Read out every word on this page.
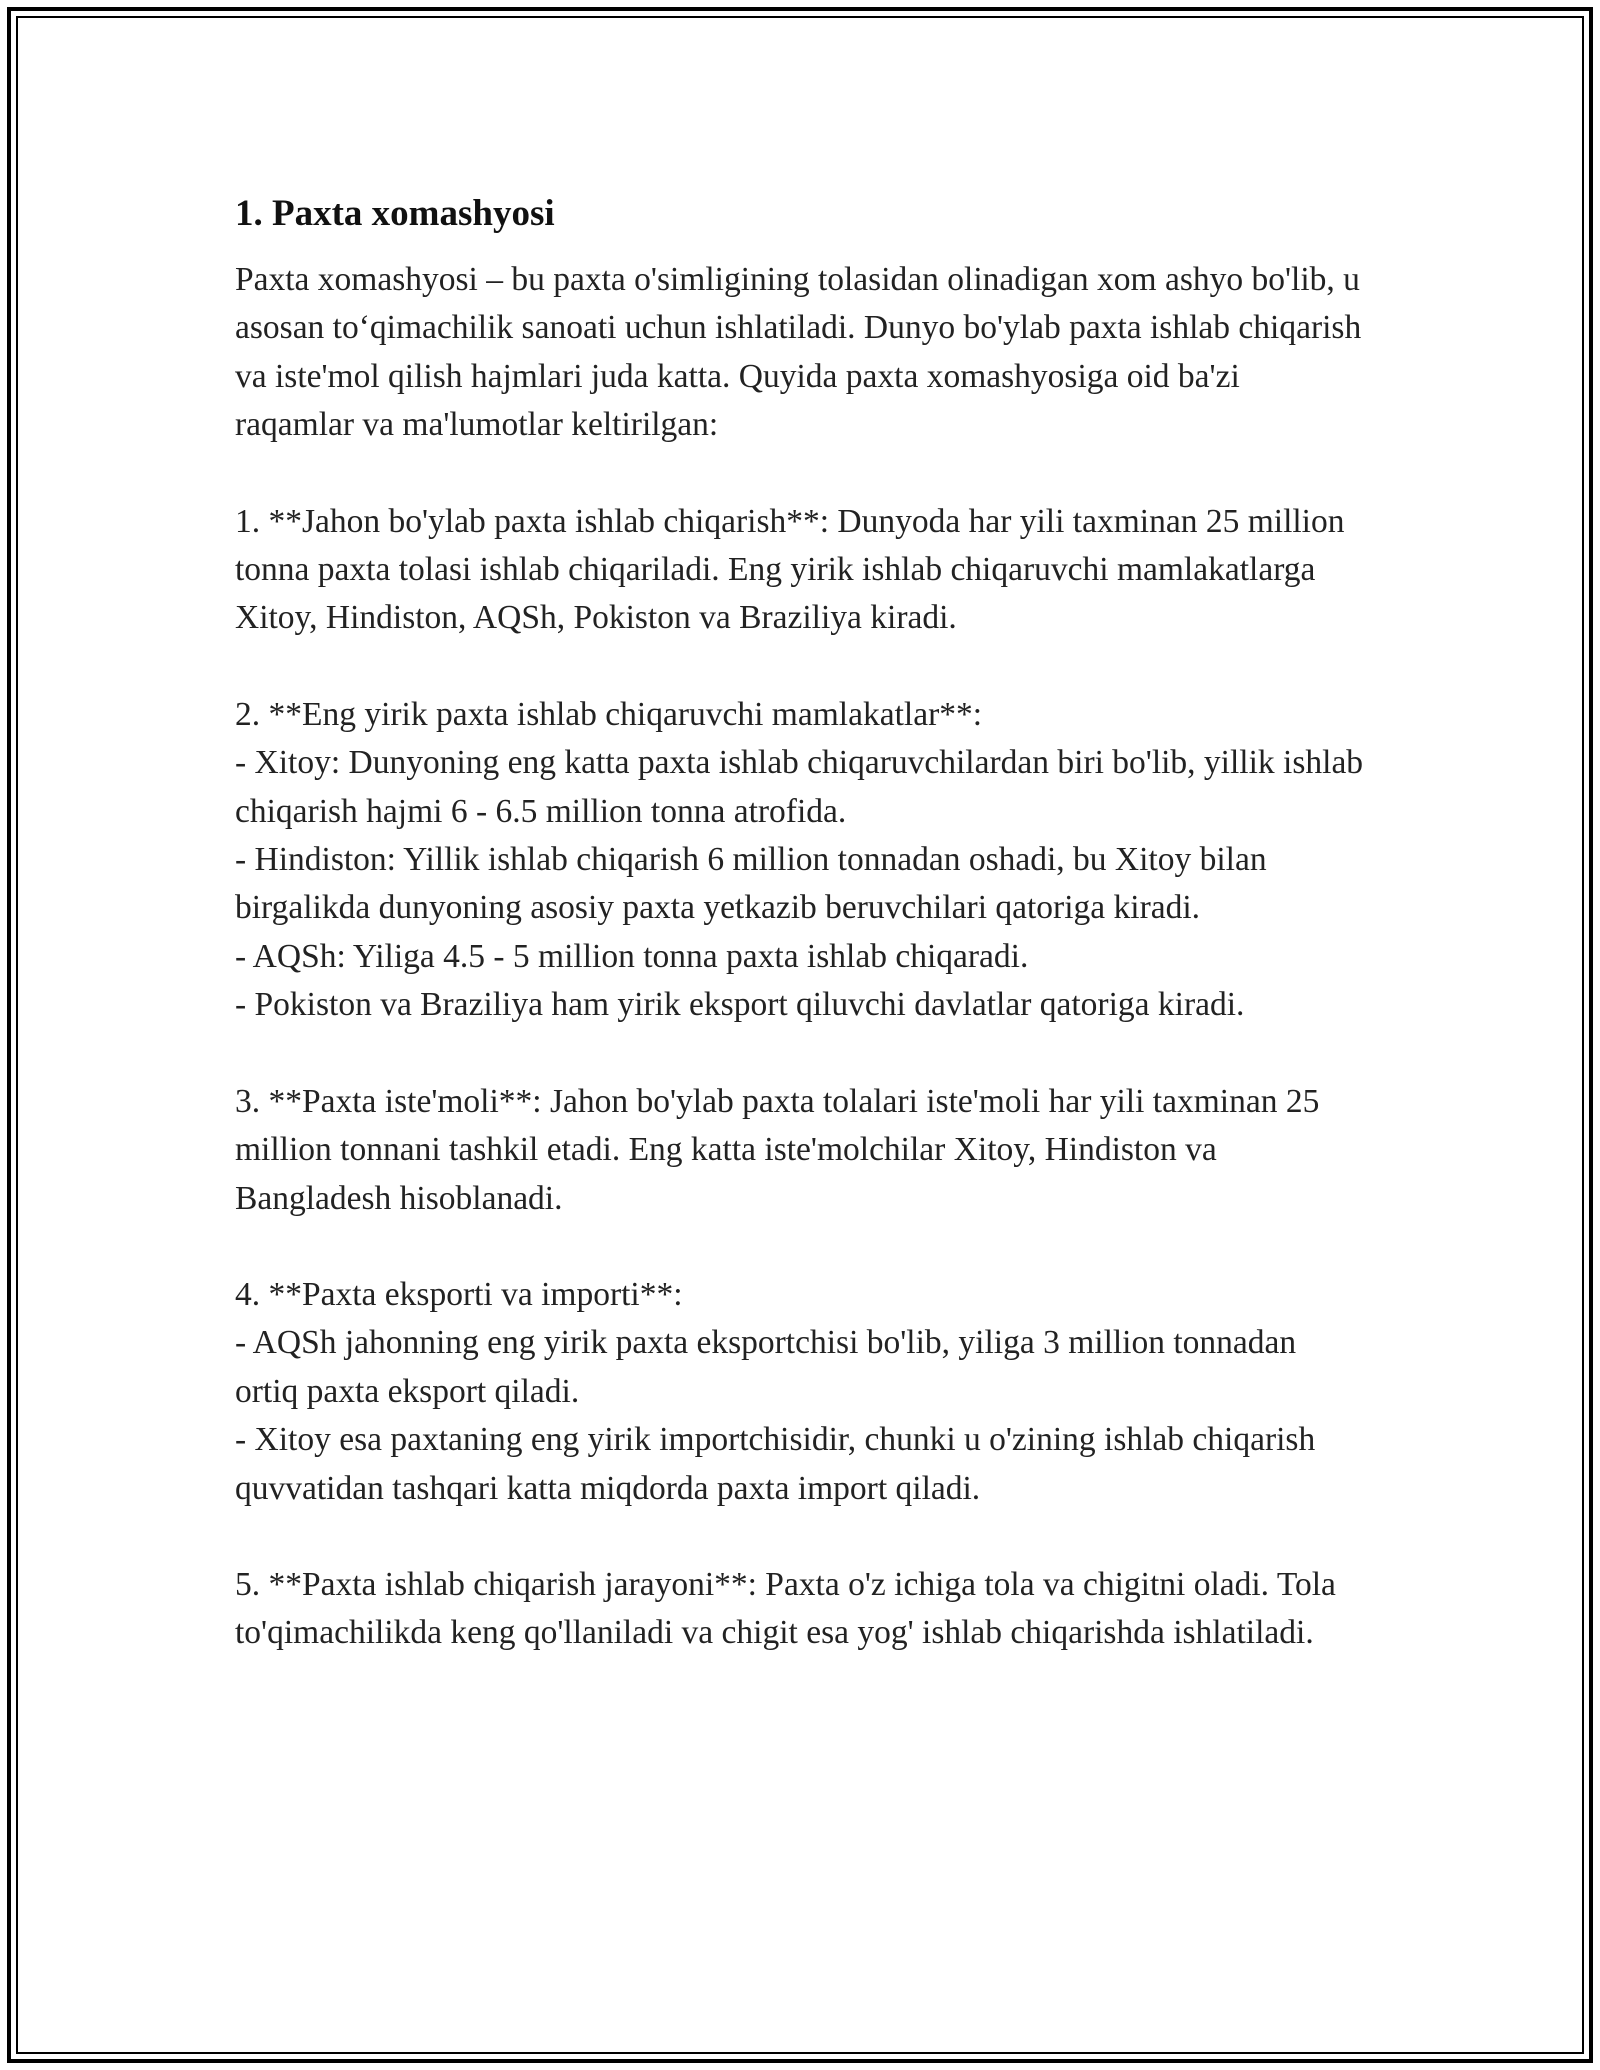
1. Paxta xomashyosi

Paxta xomashyosi – bu paxta o'simligining tolasidan olinadigan xom ashyo bo'lib, u asosan to‘qimachilik sanoati uchun ishlatiladi. Dunyo bo'ylab paxta ishlab chiqarish va iste'mol qilish hajmlari juda katta. Quyida paxta xomashyosiga oid ba'zi raqamlar va ma'lumotlar keltirilgan:

1. **Jahon bo'ylab paxta ishlab chiqarish**: Dunyoda har yili taxminan 25 million tonna paxta tolasi ishlab chiqariladi. Eng yirik ishlab chiqaruvchi mamlakatlarga Xitoy, Hindiston, AQSh, Pokiston va Braziliya kiradi.

2. **Eng yirik paxta ishlab chiqaruvchi mamlakatlar**:
- Xitoy: Dunyoning eng katta paxta ishlab chiqaruvchilardan biri bo'lib, yillik ishlab chiqarish hajmi 6 - 6.5 million tonna atrofida.
- Hindiston: Yillik ishlab chiqarish 6 million tonnadan oshadi, bu Xitoy bilan birgalikda dunyoning asosiy paxta yetkazib beruvchilari qatoriga kiradi.
- AQSh: Yiliga 4.5 - 5 million tonna paxta ishlab chiqaradi.
- Pokiston va Braziliya ham yirik eksport qiluvchi davlatlar qatoriga kiradi.

3. **Paxta iste'moli**: Jahon bo'ylab paxta tolalari iste'moli har yili taxminan 25 million tonnani tashkil etadi. Eng katta iste'molchilar Xitoy, Hindiston va Bangladesh hisoblanadi.

4. **Paxta eksporti va importi**:
- AQSh jahonning eng yirik paxta eksportchisi bo'lib, yiliga 3 million tonnadan ortiq paxta eksport qiladi.
- Xitoy esa paxtaning eng yirik importchisidir, chunki u o'zining ishlab chiqarish quvvatidan tashqari katta miqdorda paxta import qiladi.

5. **Paxta ishlab chiqarish jarayoni**: Paxta o'z ichiga tola va chigitni oladi. Tola to'qimachilikda keng qo'llaniladi va chigit esa yog' ishlab chiqarishda ishlatiladi.
